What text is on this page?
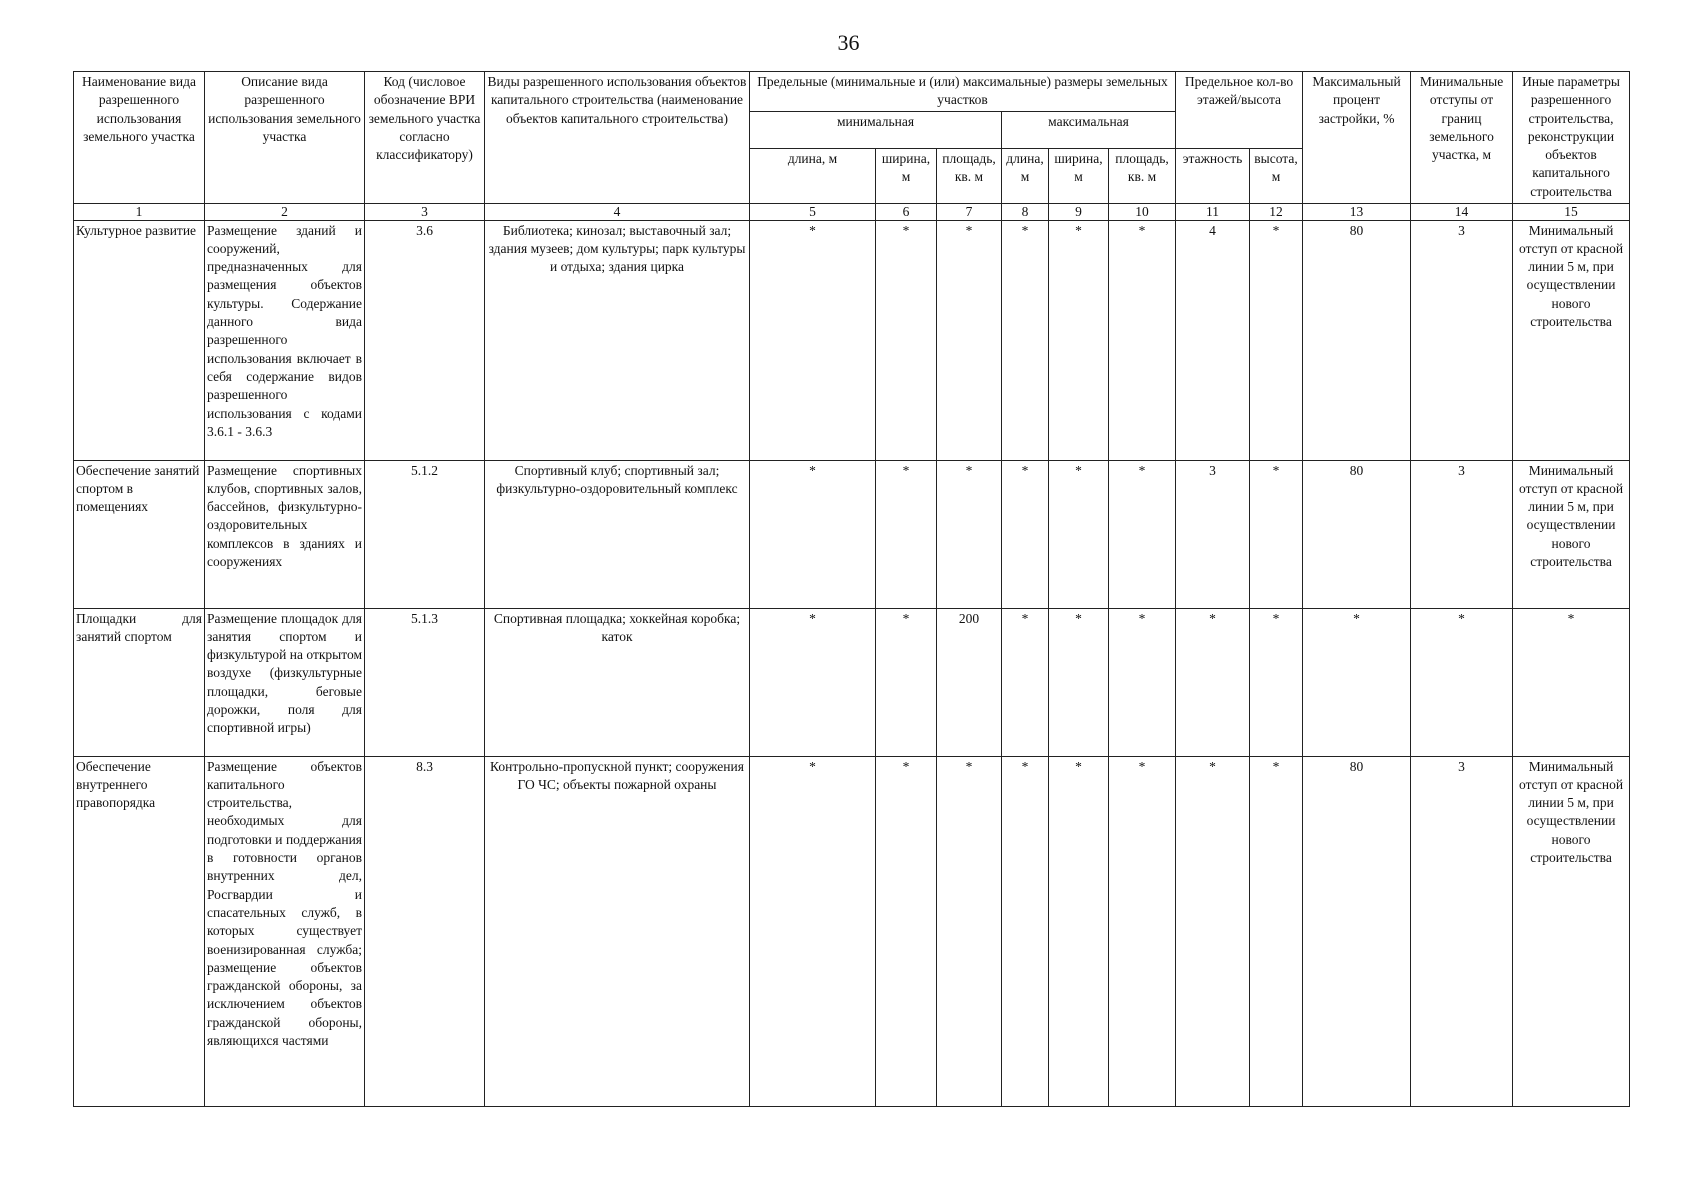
36
Наименование вида разрешенного использования земельного участка	Описание вида разрешенного использования земельного участка	Код (числовое обозначение ВРИ земельного участка согласно классификатору)	Виды разрешенного использования объектов капитального строительства (наименование объектов капитального строительства)	Предельные (минимальные и (или) максимальные) размеры земельных участков						Предельное кол-во этажей/высота		Максимальный процент застройки, %	Минимальные отступы от границ земельного участка, м	Иные параметры разрешенного строительства, реконструкции объектов капитального строительства
				минимальная			максимальная							
				длина, м	ширина, м	площадь, кв. м	длина, м	ширина, м	площадь, кв. м	этажность	высота, м			
1	2	3	4	5	6	7	8	9	10	11	12	13	14	15
Культурное развитие	Размещение зданий и сооружений, предназначенных для размещения объектов культуры. Содержание данного вида разрешенного использования включает в себя содержание видов разрешенного использования с кодами 3.6.1 - 3.6.3	3.6	Библиотека; кинозал; выставочный зал; здания музеев; дом культуры; парк культуры и отдыха; здания цирка	*	*	*	*	*	*	4	*	80	3	Минимальный отступ от красной линии 5 м, при осуществлении нового строительства
Обеспечение занятий спортом в помещениях	Размещение спортивных клубов, спортивных залов, бассейнов, физкультурно-оздоровительных комплексов в зданиях и сооружениях	5.1.2	Спортивный клуб; спортивный зал; физкультурно-оздоровительный комплекс	*	*	*	*	*	*	3	*	80	3	Минимальный отступ от красной линии 5 м, при осуществлении нового строительства
Площадки для занятий спортом	Размещение площадок для занятия спортом и физкультурой на открытом воздухе (физкультурные площадки, беговые дорожки, поля для спортивной игры)	5.1.3	Спортивная площадка; хоккейная коробка; каток	*	*	200	*	*	*	*	*	*	*	*
Обеспечение внутреннего правопорядка	Размещение объектов капитального строительства, необходимых для подготовки и поддержания в готовности органов внутренних дел, Росгвардии и спасательных служб, в которых существует военизированная служба; размещение объектов гражданской обороны, за исключением объектов гражданской обороны, являющихся частями	8.3	Контрольно-пропускной пункт; сооружения ГО ЧС; объекты пожарной охраны	*	*	*	*	*	*	*	*	80	3	Минимальный отступ от красной линии 5 м, при осуществлении нового строительства
